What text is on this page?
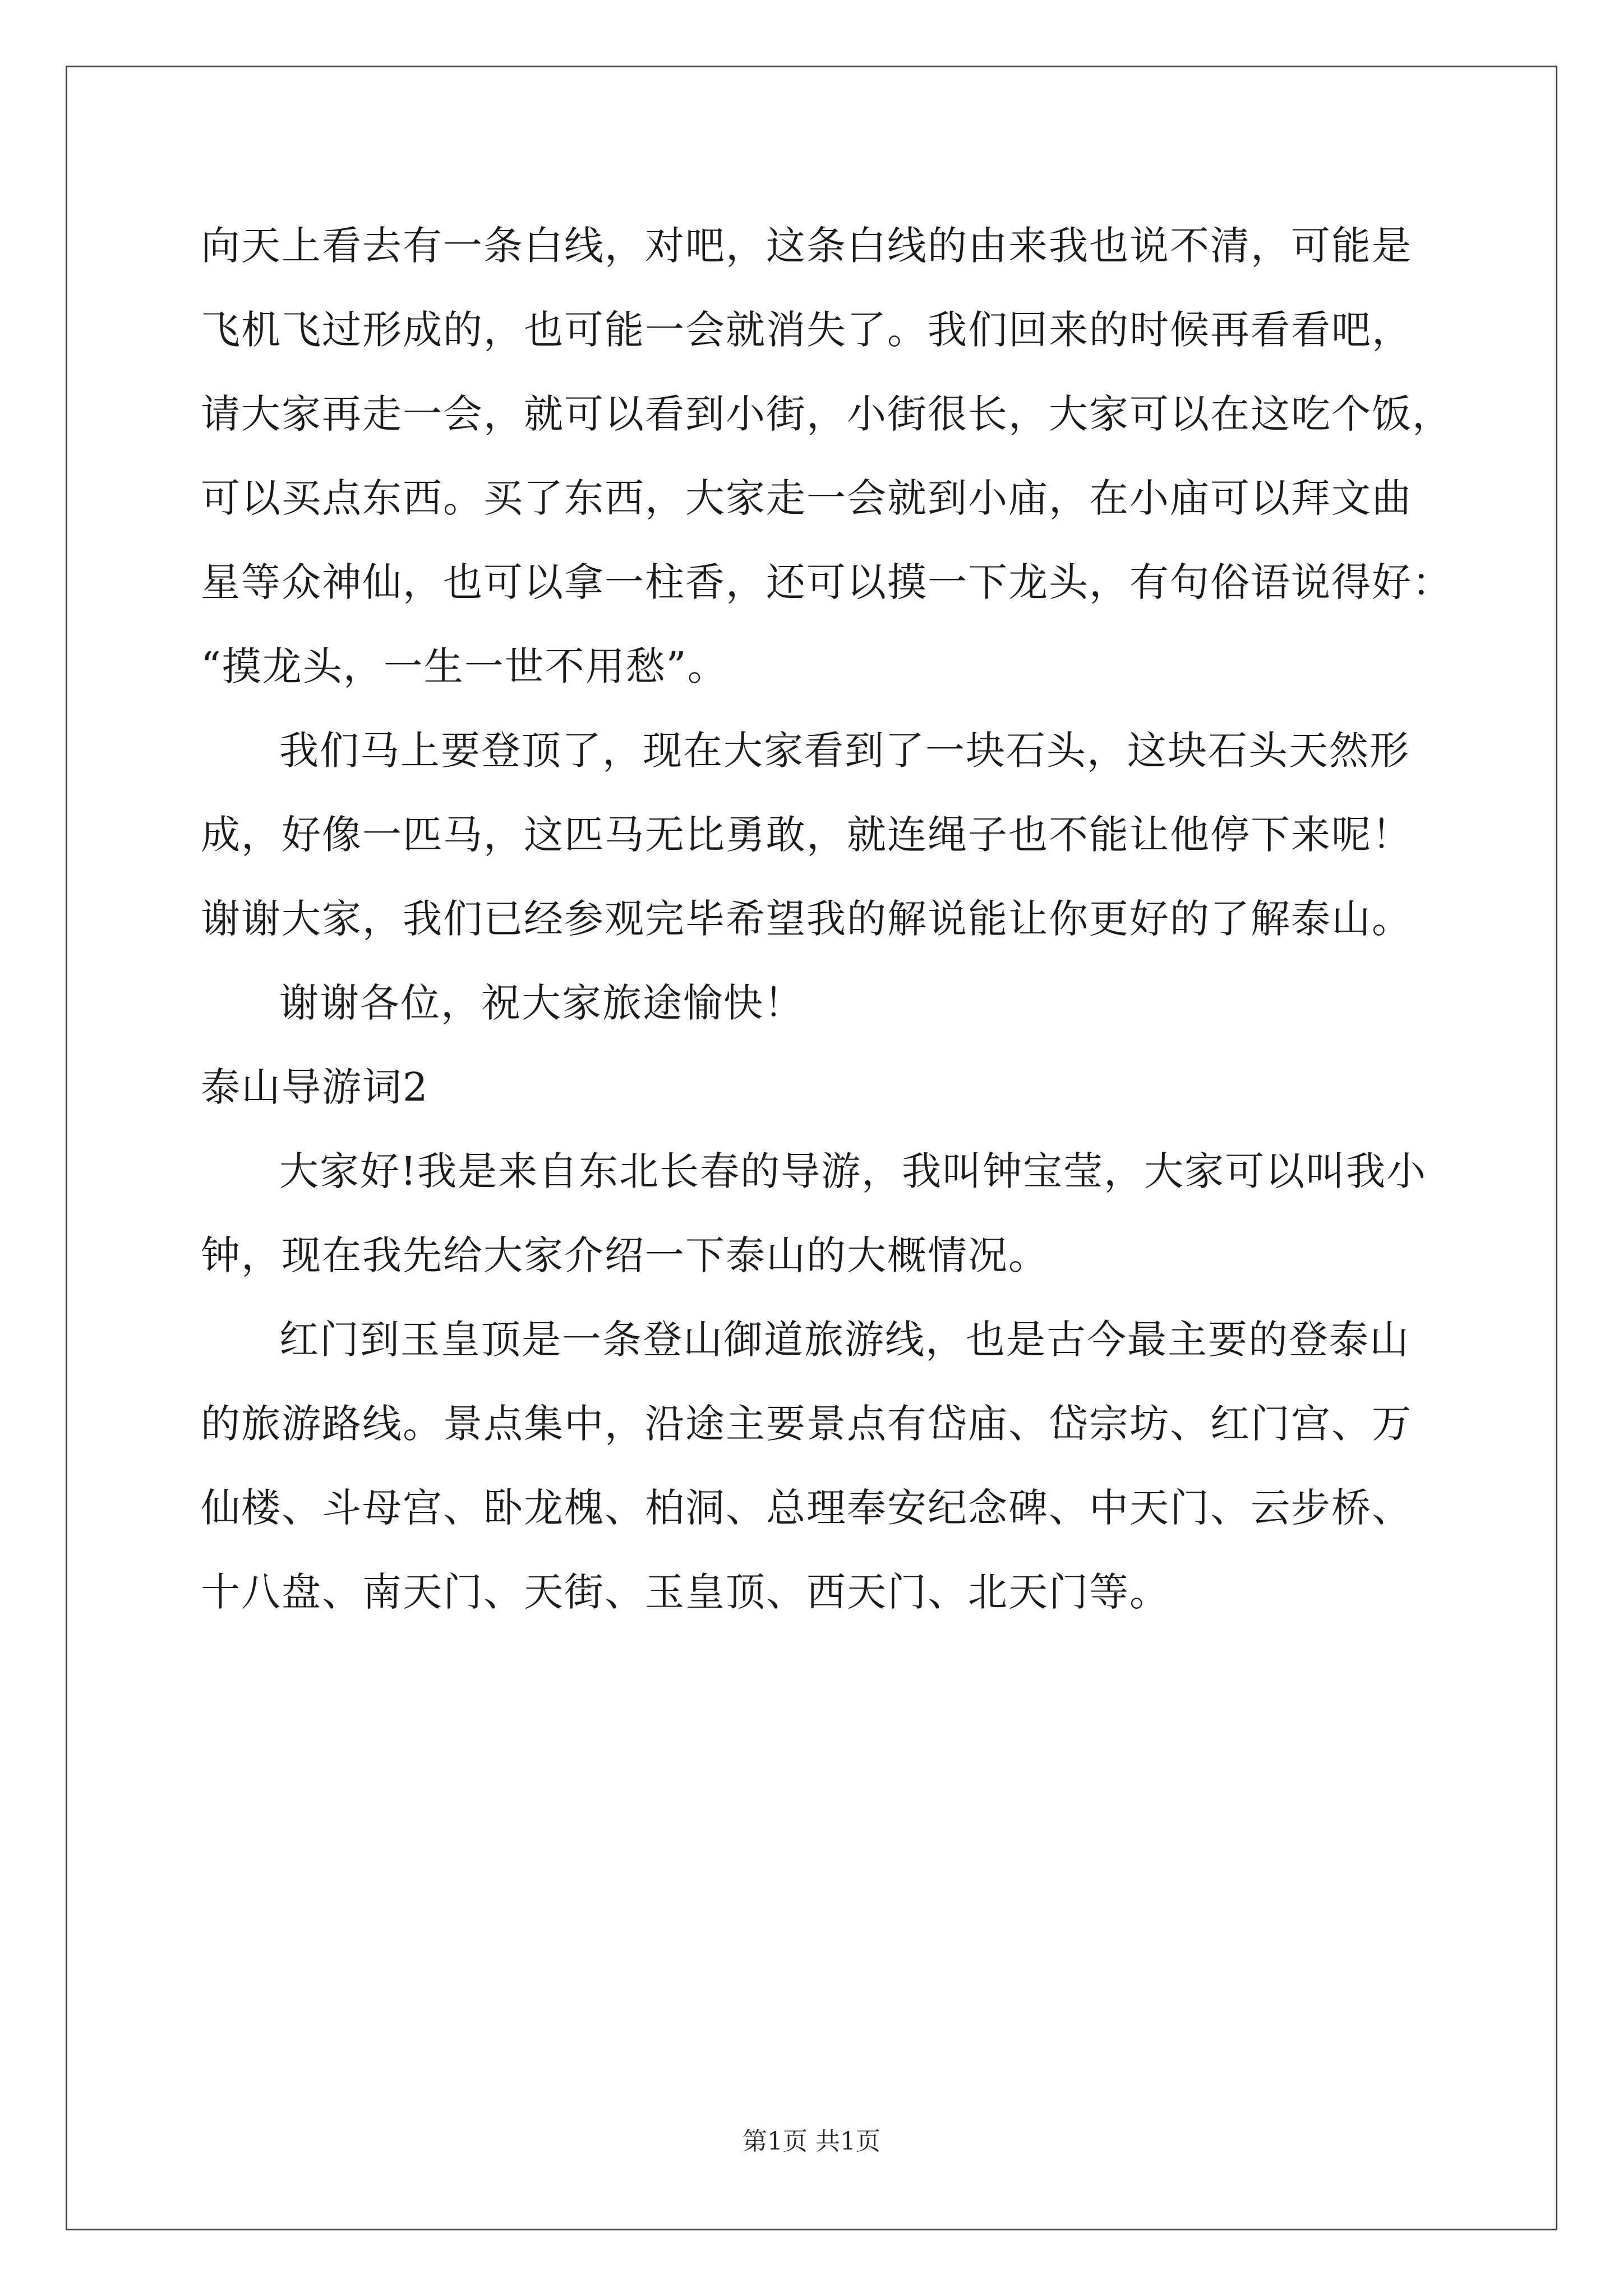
向天上看去有一条白线，对吧，这条白线的由来我也说不清，可能是
飞机飞过形成的，也可能一会就消失了。我们回来的时候再看看吧，
请大家再走一会，就可以看到小街，小街很长，大家可以在这吃个饭，
可以买点东西。买了东西，大家走一会就到小庙，在小庙可以拜文曲
星等众神仙，也可以拿一柱香，还可以摸一下龙头，有句俗语说得好：
“摸龙头，一生一世不用愁”。
我们马上要登顶了，现在大家看到了一块石头，这块石头天然形
成，好像一匹马，这匹马无比勇敢，就连绳子也不能让他停下来呢！
谢谢大家，我们已经参观完毕希望我的解说能让你更好的了解泰山。
谢谢各位，祝大家旅途愉快！
泰山导游词2
大家好!我是来自东北长春的导游，我叫钟宝莹，大家可以叫我小
钟，现在我先给大家介绍一下泰山的大概情况。
红门到玉皇顶是一条登山御道旅游线，也是古今最主要的登泰山
的旅游路线。景点集中，沿途主要景点有岱庙、岱宗坊、红门宫、万
仙楼、斗母宫、卧龙槐、柏洞、总理奉安纪念碑、中天门、云步桥、
十八盘、南天门、天街、玉皇顶、西天门、北天门等。
第1页 共1页
